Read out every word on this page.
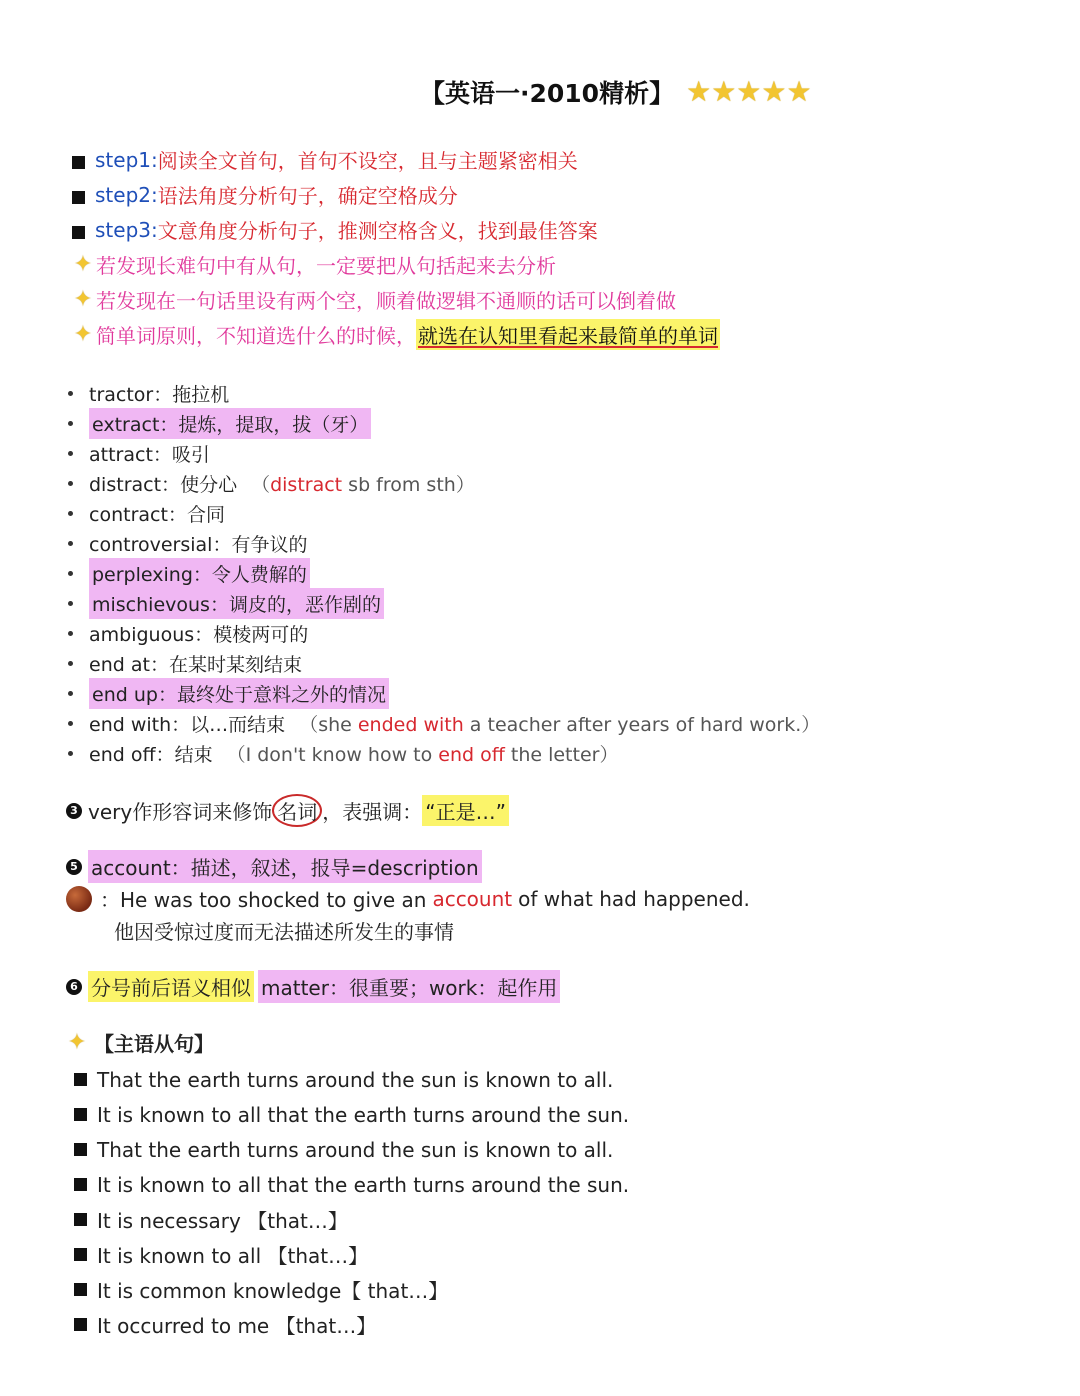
【英语一·2010精析】 ★ ★ ★ ★ ★
step1: 阅读全文首句，首句不设空，且与主题紧密相关
step2: 语法角度分析句子，确定空格成分
step3: 文意角度分析句子，推测空格含义，找到最佳答案
✦ 若发现长难句中有从句，一定要把从句括起来去分析
✦ 若发现在一句话里设有两个空，顺着做逻辑不通顺的话可以倒着做
✦ 简单词原则，不知道选什么的时候， 就选在认知里看起来最简单的单词
tractor：拖拉机
extract：提炼，提取，拔（牙）
attract：吸引
distract：使分心 （distract sb from sth）
contract：合同
controversial：有争议的
perplexing：令人费解的
mischievous：调皮的，恶作剧的
ambiguous：模棱两可的
end at：在某时某刻结束
end up：最终处于意料之外的情况
end with：以…而结束 （she ended with a teacher after years of hard work.）
end off：结束 （I don't know how to end off the letter）
3 very作形容词来修饰 名词 ，表强调： “正是…”
5 account：描述，叙述，报导=description
：He was too shocked to give an account of what had happened.
他因受惊过度而无法描述所发生的事情
6 分号前后语义相似 matter：很重要；work：起作用
✦ 【主语从句】
That the earth turns around the sun is known to all.
It is known to all that the earth turns around the sun.
That the earth turns around the sun is known to all.
It is known to all that the earth turns around the sun.
It is necessary 【that…】
It is known to all 【that…】
It is common knowledge【 that…】
It occurred to me 【that…】
